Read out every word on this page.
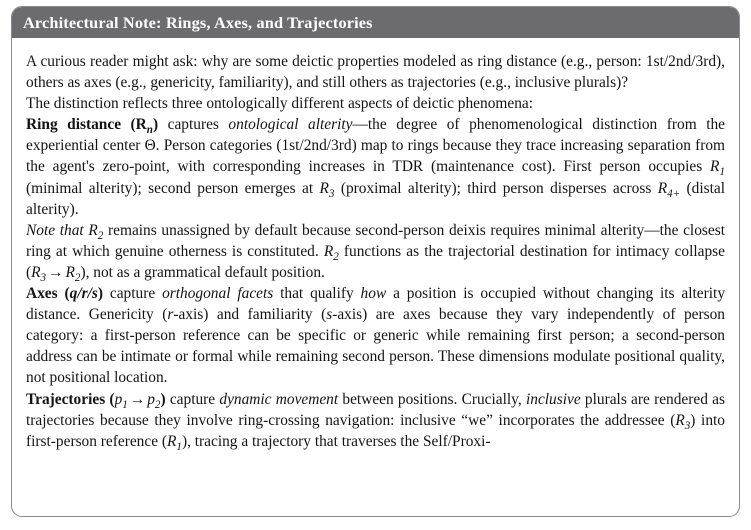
Architectural Note: Rings, Axes, and Trajectories

A curious reader might ask: why are some deictic properties modeled as ring distance (e.g., person: 1st/2nd/3rd), others as axes (e.g., genericity, familiarity), and still others as trajectories (e.g., inclusive plurals)?

The distinction reflects three ontologically different aspects of deictic phenomena:

Ring distance $(R_n)$ captures ontological alterity—the degree of phenomenological distinction from the experiential center Θ. Person categories (1st/2nd/3rd) map to rings because they trace increasing separation from the agent's zero-point, with corresponding increases in TDR (maintenance cost). First person occupies $R_1$ (minimal alterity); second person emerges at $R_3$ (proximal alterity); third person disperses across $R_{4+}$ (distal alterity).

Note that $R_2$ remains unassigned by default because second-person deixis requires minimal alterity—the closest ring at which genuine otherness is constituted. $R_2$ functions as the trajectorial destination for intimacy collapse $(R_3 \to R_2)$, not as a grammatical default position.

Axes (q/r/s) capture orthogonal facets that qualify how a position is occupied without changing its alterity distance. Genericity (r-axis) and familiarity (s-axis) are axes because they vary independently of person category: a first-person reference can be specific or generic while remaining first person; a second-person address can be intimate or formal while remaining second person. These dimensions modulate positional quality, not positional location.

Trajectories $(p_1 \to p_2)$ capture dynamic movement between positions. Crucially, inclusive plurals are rendered as trajectories because they involve ring-crossing navigation: inclusive “we” incorporates the addressee $(R_3)$ into first-person reference $(R_1)$, tracing a trajectory that traverses the Self/Proxi-
